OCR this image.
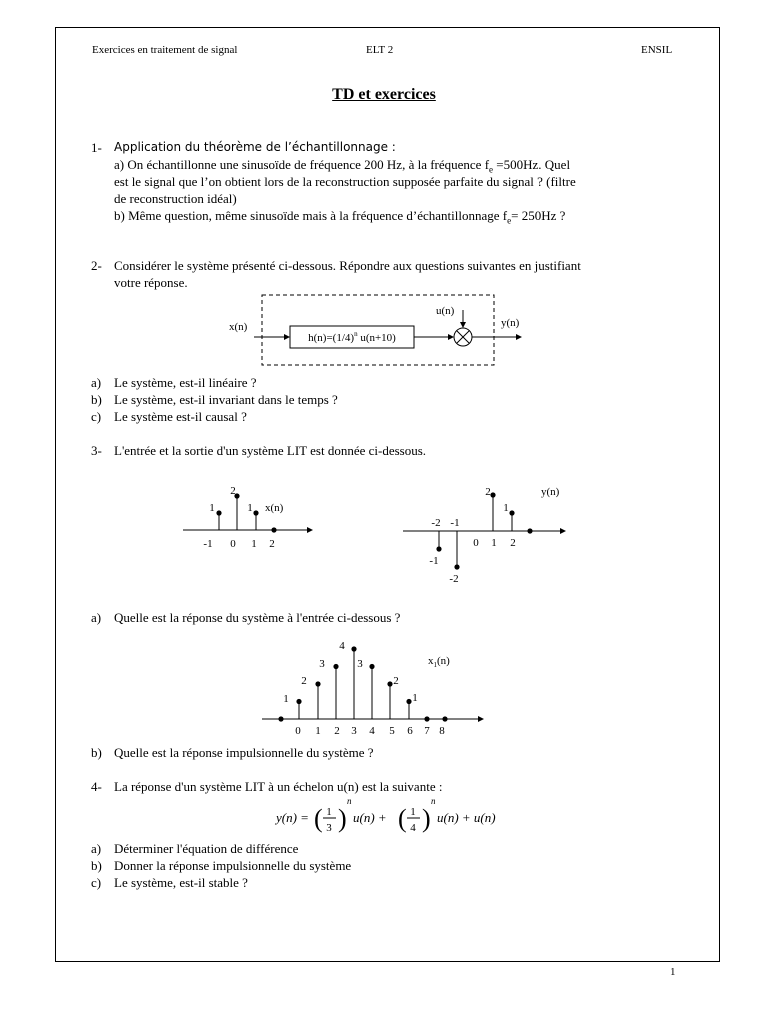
Exercices en traitement de signal	ELT 2	ENSIL
TD et exercices
1- Application du théorème de l’échantillonnage :
a) On échantillonne une sinusoïde de fréquence 200 Hz, à la fréquence $f_e =500Hz$. Quel
est le signal que l’on obtient lors de la reconstruction supposée parfaite du signal ? (filtre
de reconstruction idéal)
b) Même question, même sinusoïde mais à la fréquence d’échantillonnage $f_e= 250Hz$ ?
2- Considérer le système présenté ci-dessous. Répondre aux questions suivantes en justifiant
votre réponse.
x(n)
$h(n)=(1/4)^n$ u(n+10)
u(n)
y(n)
a) Le système, est-il linéaire ?
b) Le système, est-il invariant dans le temps ?
c) Le système est-il causal ?
3- L'entrée et la sortie d'un système LIT est donnée ci-dessous.
x(n)
-1 0 1 2
1
2
1
y(n)
-2 -1
0 1 2
-1
-2
2
1
a) Quelle est la réponse du système à l'entrée ci-dessous ?
$x_1(n)$
0 1 2 3 4 5 6 7 8
1
2
3
4
3
2
1
b) Quelle est la réponse impulsionnelle du système ?
4- La réponse d'un système LIT à un échelon u(n) est la suivante :
y(n) = ( 1
3 )
n
u(n) + ( 1
4 )
n
u(n) + u(n)
a) Déterminer l'équation de différence
b) Donner la réponse impulsionnelle du système
c) Le système, est-il stable ?
1
